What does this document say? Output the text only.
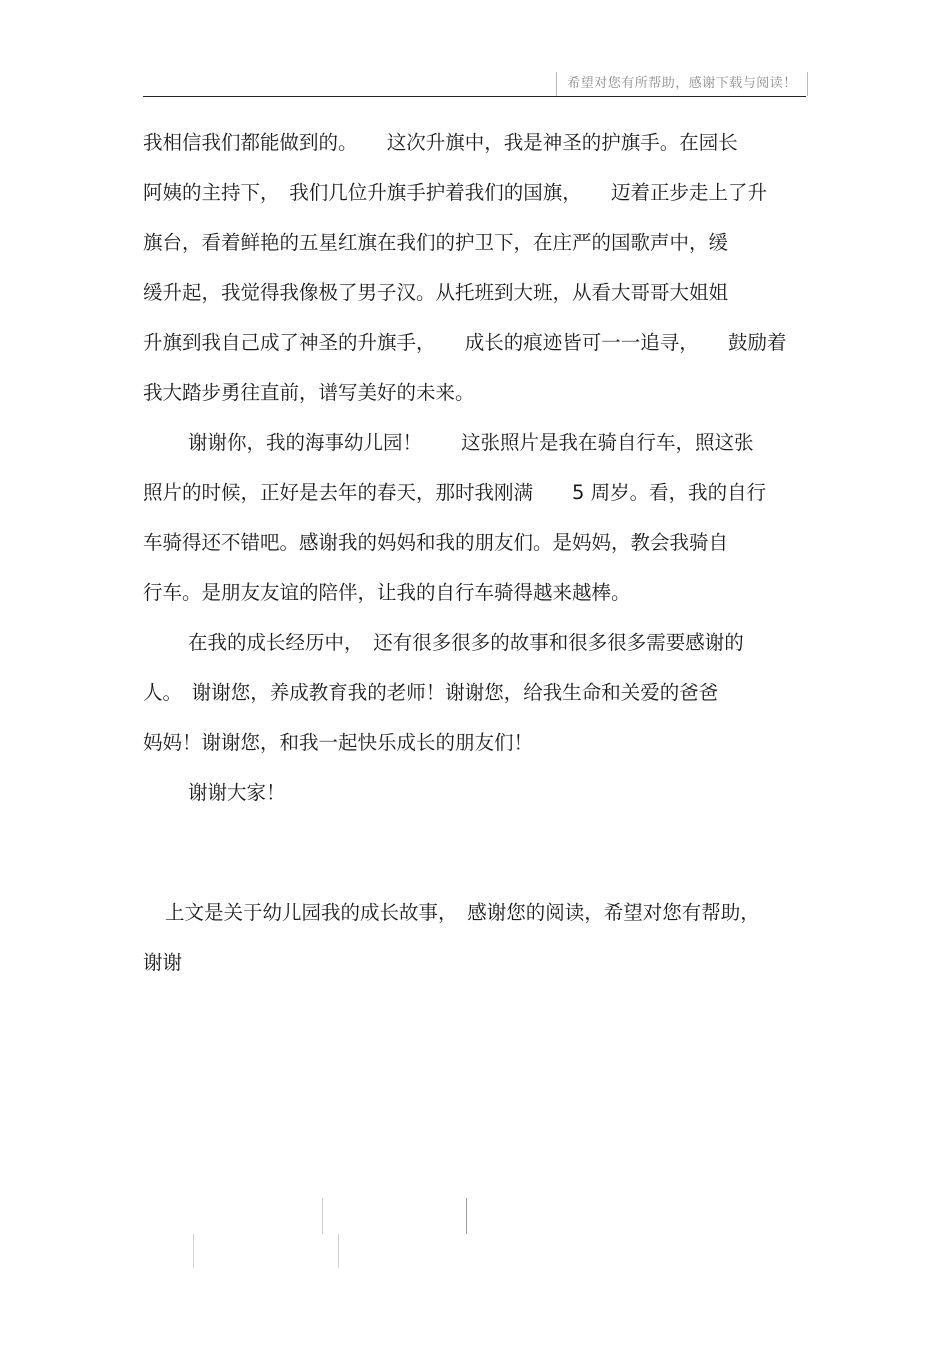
希望对您有所帮助，感谢下载与阅读！
我相信我们都能做到的。　　这次升旗中，我是神圣的护旗手。在园长
阿姨的主持下，　我们几位升旗手护着我们的国旗，　　迈着正步走上了升
旗台，看着鲜艳的五星红旗在我们的护卫下，在庄严的国歌声中，缓
缓升起，我觉得我像极了男子汉。从托班到大班，从看大哥哥大姐姐
升旗到我自己成了神圣的升旗手，　　成长的痕迹皆可一一追寻，　　鼓励着
我大踏步勇往直前，谱写美好的未来。
谢谢你，我的海事幼儿园！　　这张照片是我在骑自行车，照这张
照片的时候，正好是去年的春天，那时我刚满　　5 周岁。看，我的自行
车骑得还不错吧。感谢我的妈妈和我的朋友们。是妈妈，教会我骑自
行车。是朋友友谊的陪伴，让我的自行车骑得越来越棒。
在我的成长经历中，　还有很多很多的故事和很多很多需要感谢的
人。　谢谢您，养成教育我的老师！谢谢您，给我生命和关爱的爸爸
妈妈！谢谢您，和我一起快乐成长的朋友们！
谢谢大家！
上文是关于幼儿园我的成长故事，　感谢您的阅读，希望对您有帮助，
谢谢
